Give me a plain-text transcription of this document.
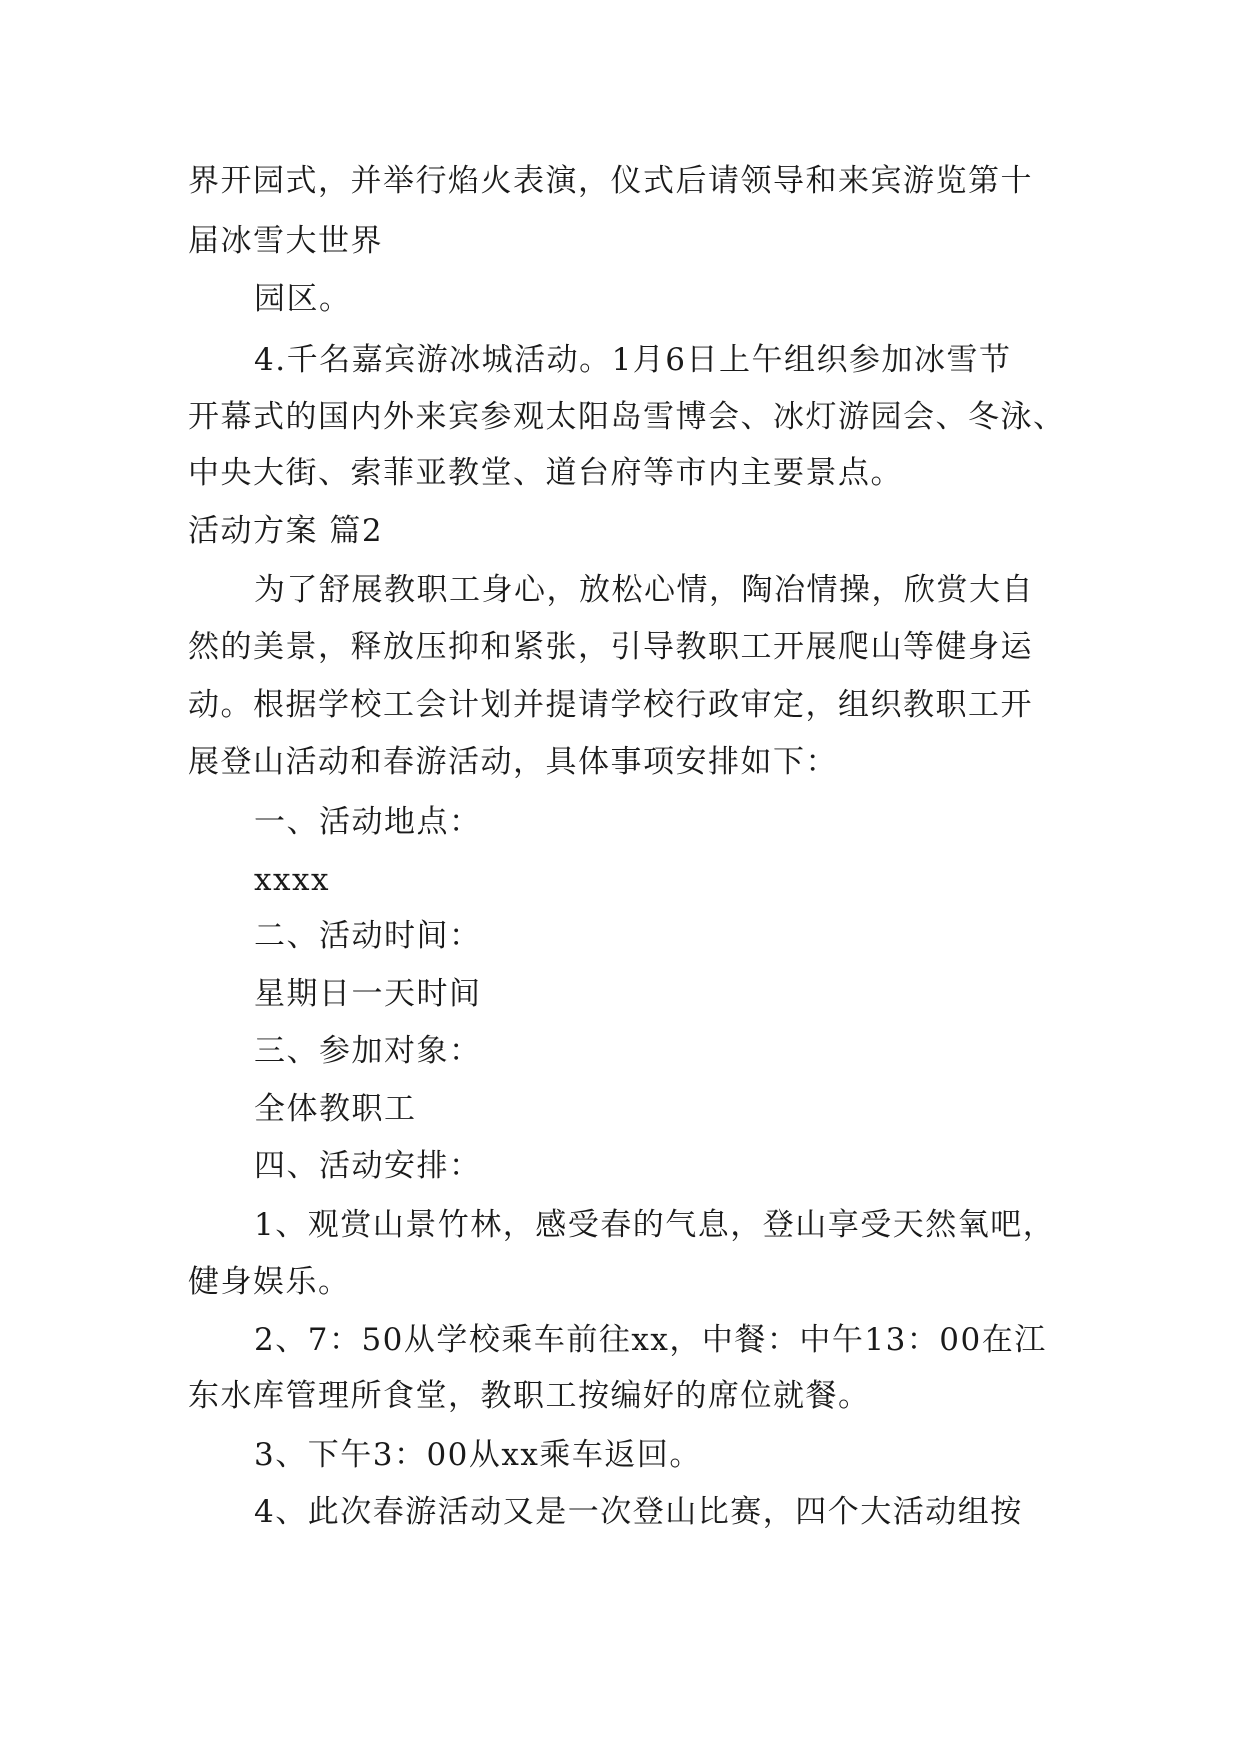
界开园式，并举行焰火表演，仪式后请领导和来宾游览第十
届冰雪大世界
园区。
4.千名嘉宾游冰城活动。1月6日上午组织参加冰雪节
开幕式的国内外来宾参观太阳岛雪博会、冰灯游园会、冬泳、
中央大街、索菲亚教堂、道台府等市内主要景点。
活动方案 篇2
为了舒展教职工身心，放松心情，陶冶情操，欣赏大自
然的美景，释放压抑和紧张，引导教职工开展爬山等健身运
动。根据学校工会计划并提请学校行政审定，组织教职工开
展登山活动和春游活动，具体事项安排如下：
一、活动地点：
xxxx
二、活动时间：
星期日一天时间
三、参加对象：
全体教职工
四、活动安排：
1、观赏山景竹林，感受春的气息，登山享受天然氧吧，
健身娱乐。
2、7：50从学校乘车前往xx，中餐：中午13：00在江
东水库管理所食堂，教职工按编好的席位就餐。
3、下午3：00从xx乘车返回。
4、此次春游活动又是一次登山比赛，四个大活动组按
